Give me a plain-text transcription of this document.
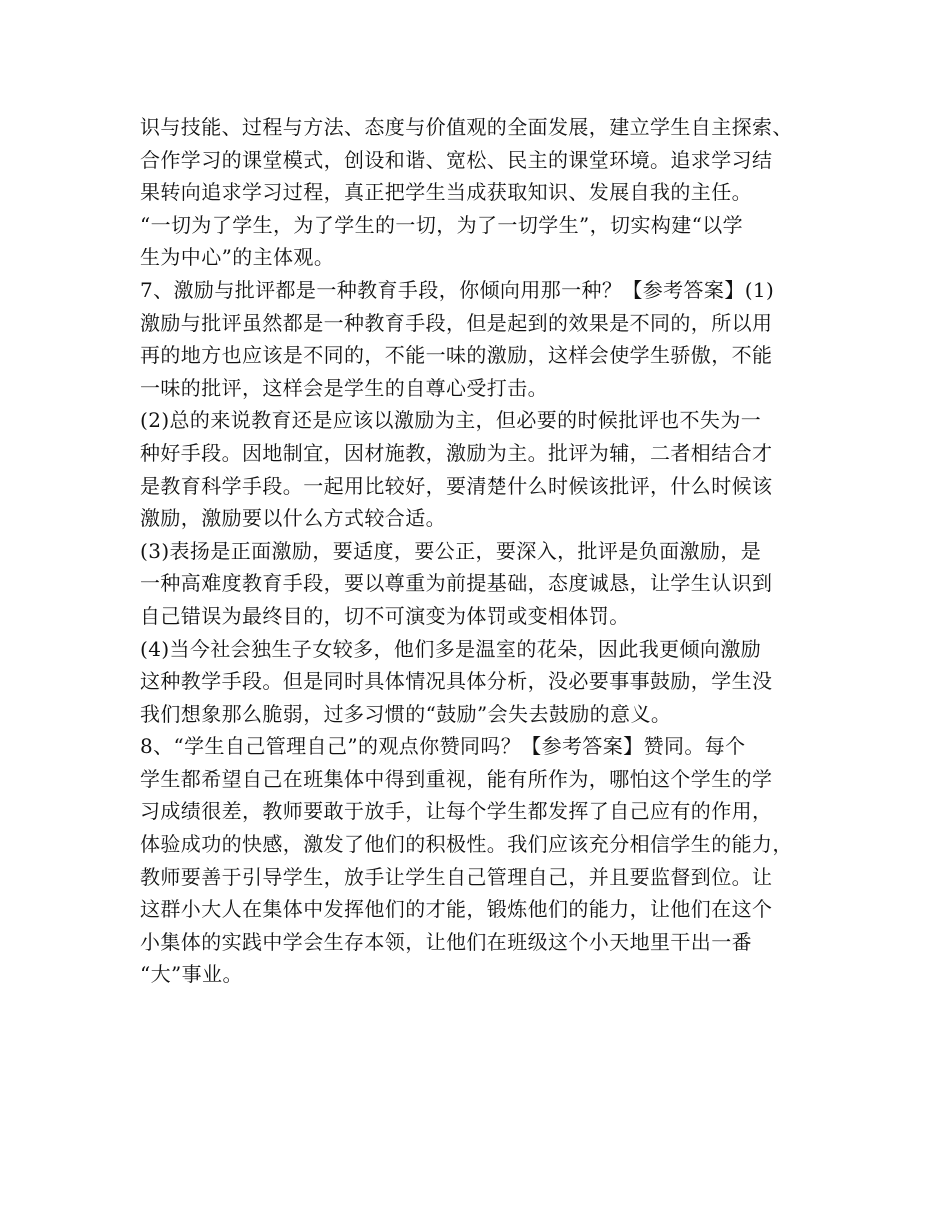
识与技能、过程与方法、态度与价值观的全面发展，建立学生自主探索、
合作学习的课堂模式，创设和谐、宽松、民主的课堂环境。追求学习结
果转向追求学习过程，真正把学生当成获取知识、发展自我的主任。
“一切为了学生，为了学生的一切，为了一切学生”，切实构建“以学
生为中心”的主体观。
7、激励与批评都是一种教育手段，你倾向用那一种？【参考答案】(1)
激励与批评虽然都是一种教育手段，但是起到的效果是不同的，所以用
再的地方也应该是不同的，不能一味的激励，这样会使学生骄傲，不能
一味的批评，这样会是学生的自尊心受打击。
(2)总的来说教育还是应该以激励为主，但必要的时候批评也不失为一
种好手段。因地制宜，因材施教，激励为主。批评为辅，二者相结合才
是教育科学手段。一起用比较好，要清楚什么时候该批评，什么时候该
激励，激励要以什么方式较合适。
(3)表扬是正面激励，要适度，要公正，要深入，批评是负面激励，是
一种高难度教育手段，要以尊重为前提基础，态度诚恳，让学生认识到
自己错误为最终目的，切不可演变为体罚或变相体罚。
(4)当今社会独生子女较多，他们多是温室的花朵，因此我更倾向激励
这种教学手段。但是同时具体情况具体分析，没必要事事鼓励，学生没
我们想象那么脆弱，过多习惯的“鼓励”会失去鼓励的意义。
8、“学生自己管理自己”的观点你赞同吗？【参考答案】赞同。每个
学生都希望自己在班集体中得到重视，能有所作为，哪怕这个学生的学
习成绩很差，教师要敢于放手，让每个学生都发挥了自己应有的作用，
体验成功的快感，激发了他们的积极性。我们应该充分相信学生的能力，
教师要善于引导学生，放手让学生自己管理自己，并且要监督到位。让
这群小大人在集体中发挥他们的才能，锻炼他们的能力，让他们在这个
小集体的实践中学会生存本领，让他们在班级这个小天地里干出一番
“大”事业。
